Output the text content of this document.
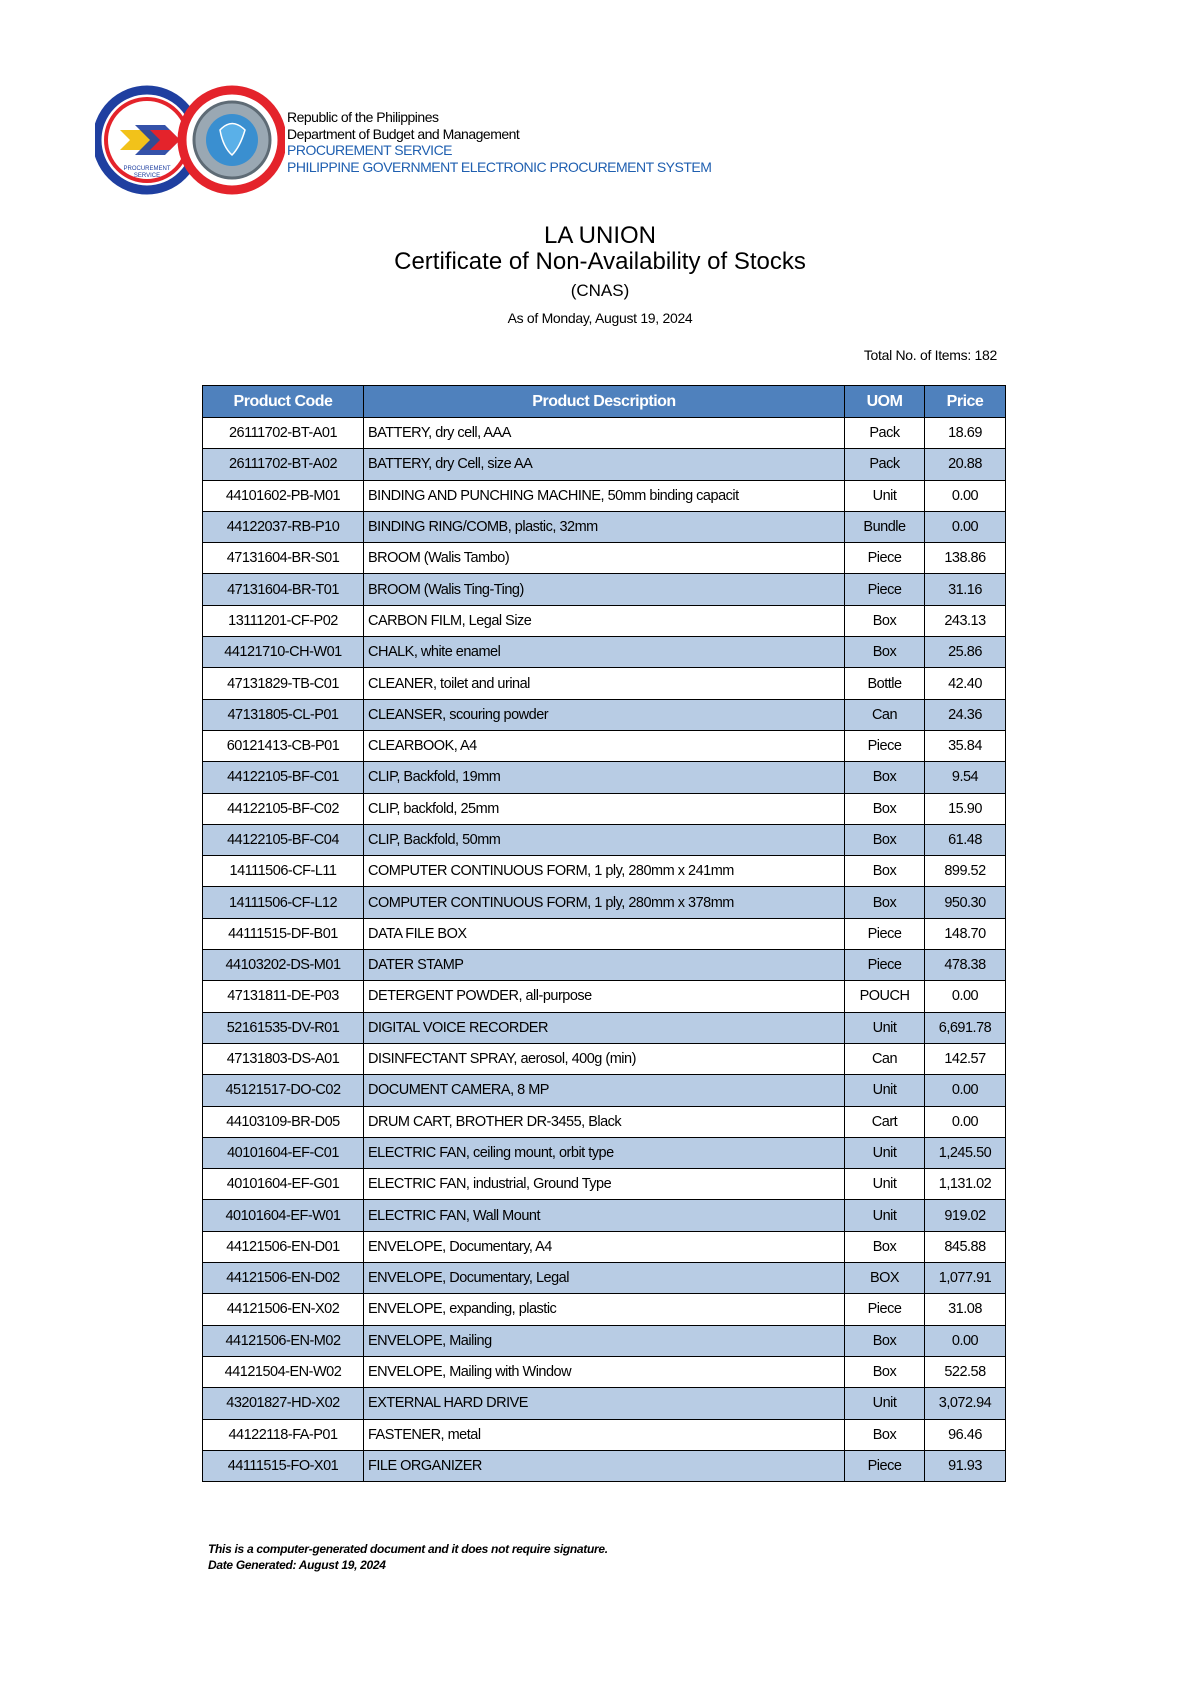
PROCUREMENT
SERVICE
Republic of the Philippines
Department of Budget and Management
PROCUREMENT SERVICE
PHILIPPINE GOVERNMENT ELECTRONIC PROCUREMENT SYSTEM
LA UNION
Certificate of Non-Availability of Stocks
(CNAS)
As of Monday, August 19, 2024
Total No. of Items: 182
Product Code	Product Description	UOM	Price
26111702-BT-A01	BATTERY, dry cell, AAA	Pack	18.69
26111702-BT-A02	BATTERY, dry Cell, size AA	Pack	20.88
44101602-PB-M01	BINDING AND PUNCHING MACHINE, 50mm binding capacit	Unit	0.00
44122037-RB-P10	BINDING RING/COMB, plastic, 32mm	Bundle	0.00
47131604-BR-S01	BROOM (Walis Tambo)	Piece	138.86
47131604-BR-T01	BROOM (Walis Ting-Ting)	Piece	31.16
13111201-CF-P02	CARBON FILM, Legal Size	Box	243.13
44121710-CH-W01	CHALK, white enamel	Box	25.86
47131829-TB-C01	CLEANER, toilet and urinal	Bottle	42.40
47131805-CL-P01	CLEANSER, scouring powder	Can	24.36
60121413-CB-P01	CLEARBOOK, A4	Piece	35.84
44122105-BF-C01	CLIP, Backfold, 19mm	Box	9.54
44122105-BF-C02	CLIP, backfold, 25mm	Box	15.90
44122105-BF-C04	CLIP, Backfold, 50mm	Box	61.48
14111506-CF-L11	COMPUTER CONTINUOUS FORM, 1 ply, 280mm x 241mm	Box	899.52
14111506-CF-L12	COMPUTER CONTINUOUS FORM, 1 ply, 280mm x 378mm	Box	950.30
44111515-DF-B01	DATA FILE BOX	Piece	148.70
44103202-DS-M01	DATER STAMP	Piece	478.38
47131811-DE-P03	DETERGENT POWDER, all-purpose	POUCH	0.00
52161535-DV-R01	DIGITAL VOICE RECORDER	Unit	6,691.78
47131803-DS-A01	DISINFECTANT SPRAY, aerosol, 400g (min)	Can	142.57
45121517-DO-C02	DOCUMENT CAMERA, 8 MP	Unit	0.00
44103109-BR-D05	DRUM CART, BROTHER DR-3455, Black	Cart	0.00
40101604-EF-C01	ELECTRIC FAN, ceiling mount, orbit type	Unit	1,245.50
40101604-EF-G01	ELECTRIC FAN, industrial, Ground Type	Unit	1,131.02
40101604-EF-W01	ELECTRIC FAN, Wall Mount	Unit	919.02
44121506-EN-D01	ENVELOPE, Documentary, A4	Box	845.88
44121506-EN-D02	ENVELOPE, Documentary, Legal	BOX	1,077.91
44121506-EN-X02	ENVELOPE, expanding, plastic	Piece	31.08
44121506-EN-M02	ENVELOPE, Mailing	Box	0.00
44121504-EN-W02	ENVELOPE, Mailing with Window	Box	522.58
43201827-HD-X02	EXTERNAL HARD DRIVE	Unit	3,072.94
44122118-FA-P01	FASTENER, metal	Box	96.46
44111515-FO-X01	FILE ORGANIZER	Piece	91.93
This is a computer-generated document and it does not require signature.
Date Generated: August 19, 2024
